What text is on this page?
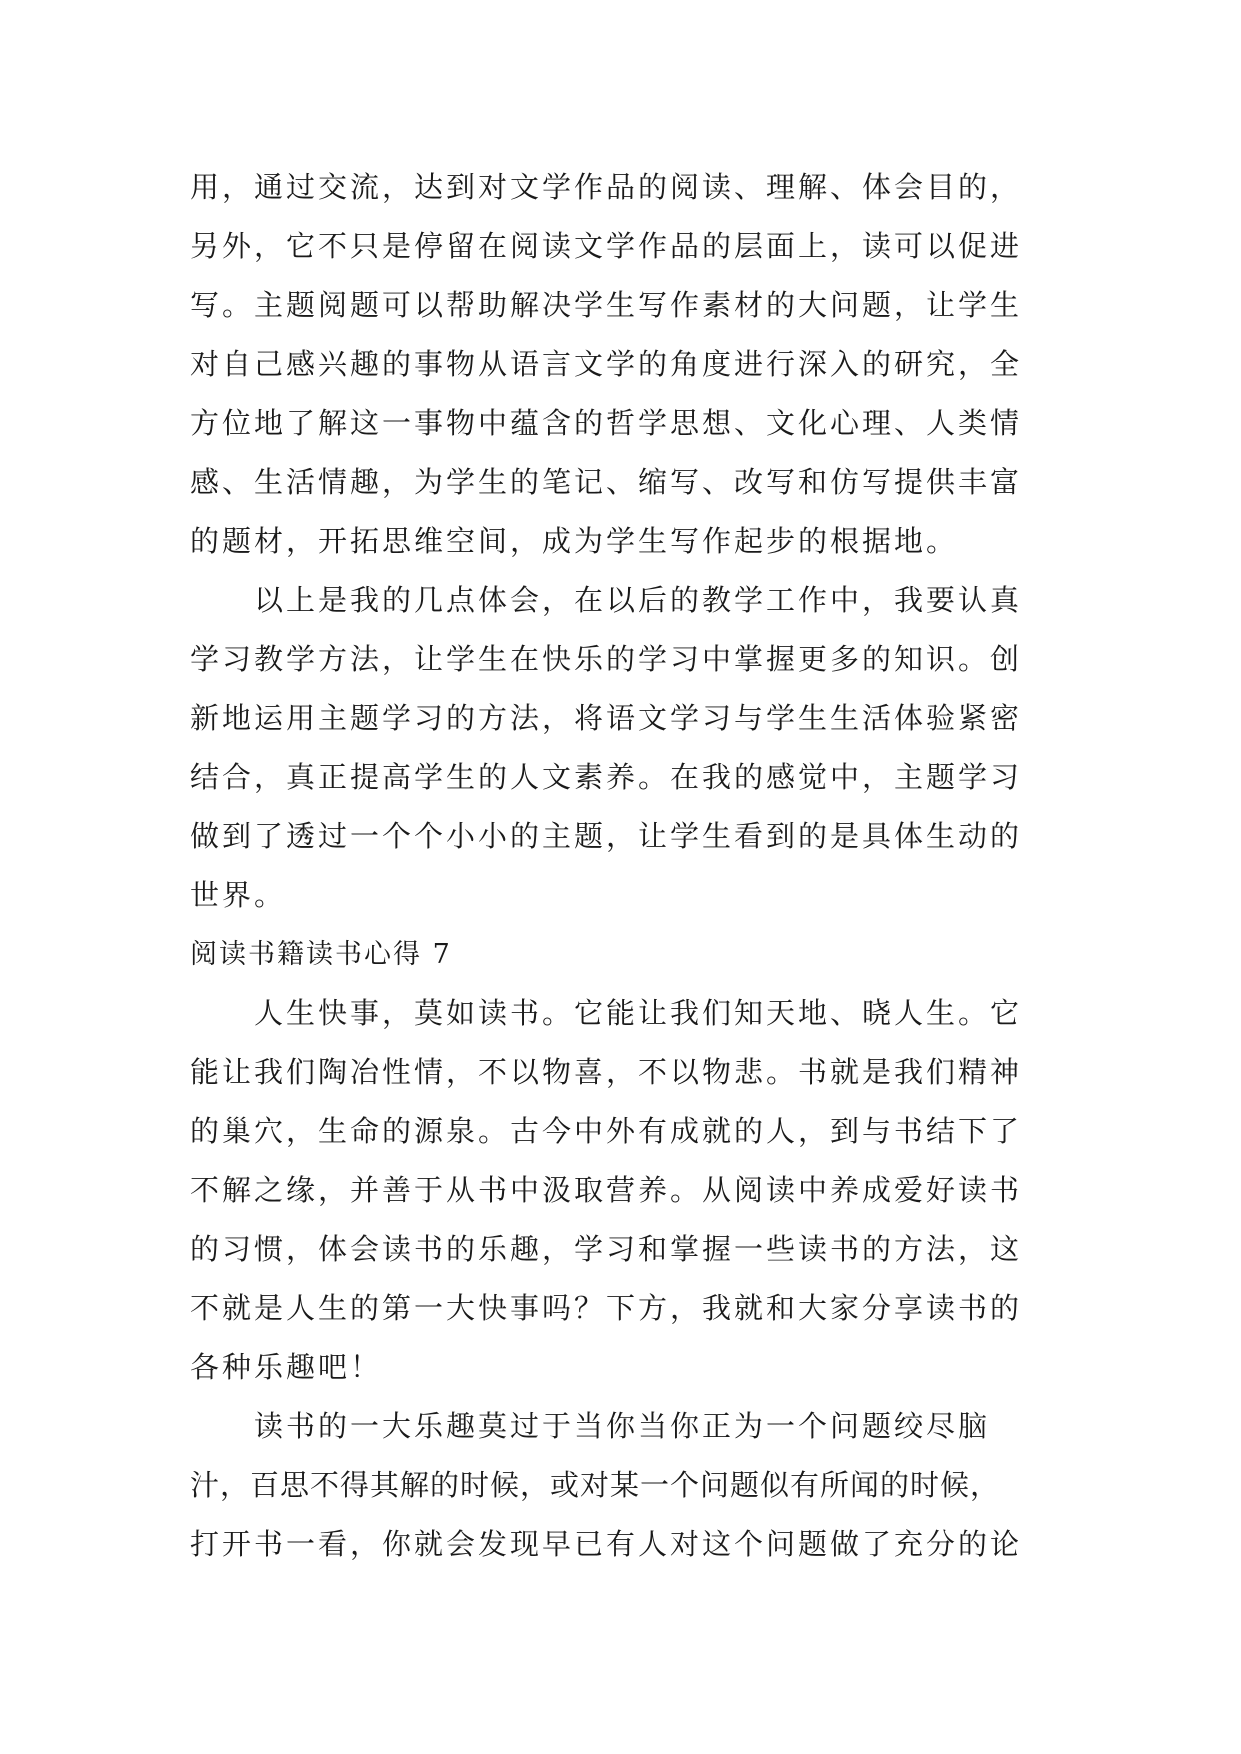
用，通过交流，达到对文学作品的阅读、理解、体会目的，
另外，它不只是停留在阅读文学作品的层面上，读可以促进
写。主题阅题可以帮助解决学生写作素材的大问题，让学生
对自己感兴趣的事物从语言文学的角度进行深入的研究，全
方位地了解这一事物中蕴含的哲学思想、文化心理、人类情
感、生活情趣，为学生的笔记、缩写、改写和仿写提供丰富
的题材，开拓思维空间，成为学生写作起步的根据地。
以上是我的几点体会，在以后的教学工作中，我要认真
学习教学方法，让学生在快乐的学习中掌握更多的知识。创
新地运用主题学习的方法，将语文学习与学生生活体验紧密
结合，真正提高学生的人文素养。在我的感觉中，主题学习
做到了透过一个个小小的主题，让学生看到的是具体生动的
世界。
阅读书籍读书心得 7
人生快事，莫如读书。它能让我们知天地、晓人生。它
能让我们陶冶性情，不以物喜，不以物悲。书就是我们精神
的巢穴，生命的源泉。古今中外有成就的人，到与书结下了
不解之缘，并善于从书中汲取营养。从阅读中养成爱好读书
的习惯，体会读书的乐趣，学习和掌握一些读书的方法，这
不就是人生的第一大快事吗？下方，我就和大家分享读书的
各种乐趣吧！
读书的一大乐趣莫过于当你当你正为一个问题绞尽脑
汁，百思不得其解的时候，或对某一个问题似有所闻的时候，
打开书一看，你就会发现早已有人对这个问题做了充分的论
